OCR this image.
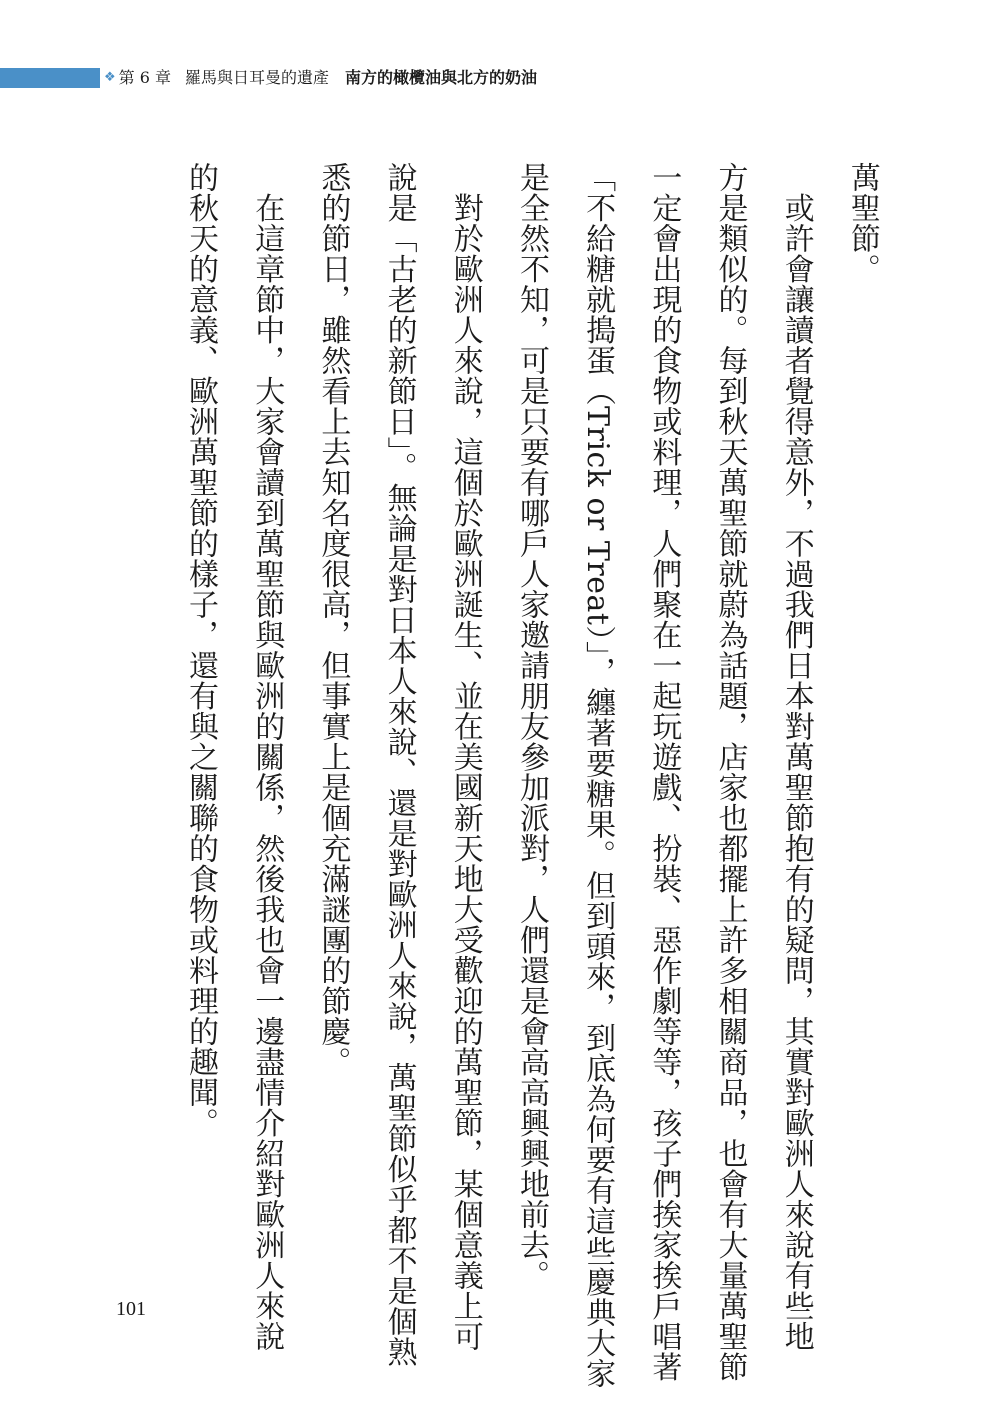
❖ 第 6 章 羅馬與日耳曼的遺產 南方的橄欖油與北方的奶油
萬聖節。
　或許會讓讀者覺得意外，不過我們日本對萬聖節抱有的疑問，其實對歐洲人來說有些地
方是類似的。每到秋天萬聖節就蔚為話題，店家也都擺上許多相關商品，也會有大量萬聖節
一定會出現的食物或料理，人們聚在一起玩遊戲、扮裝、惡作劇等等，孩子們挨家挨戶唱著
「不給糖就搗蛋（Trick or Treat）」，纏著要糖果。但到頭來，到底為何要有這些慶典大家
是全然不知，可是只要有哪戶人家邀請朋友參加派對，人們還是會高高興興地前去。
　對於歐洲人來說，這個於歐洲誕生、並在美國新天地大受歡迎的萬聖節，某個意義上可
說是「古老的新節日」。無論是對日本人來說、還是對歐洲人來說，萬聖節似乎都不是個熟
悉的節日，雖然看上去知名度很高，但事實上是個充滿謎團的節慶。
　在這章節中，大家會讀到萬聖節與歐洲的關係，然後我也會一邊盡情介紹對歐洲人來說
的秋天的意義、歐洲萬聖節的樣子，還有與之關聯的食物或料理的趣聞。
101
